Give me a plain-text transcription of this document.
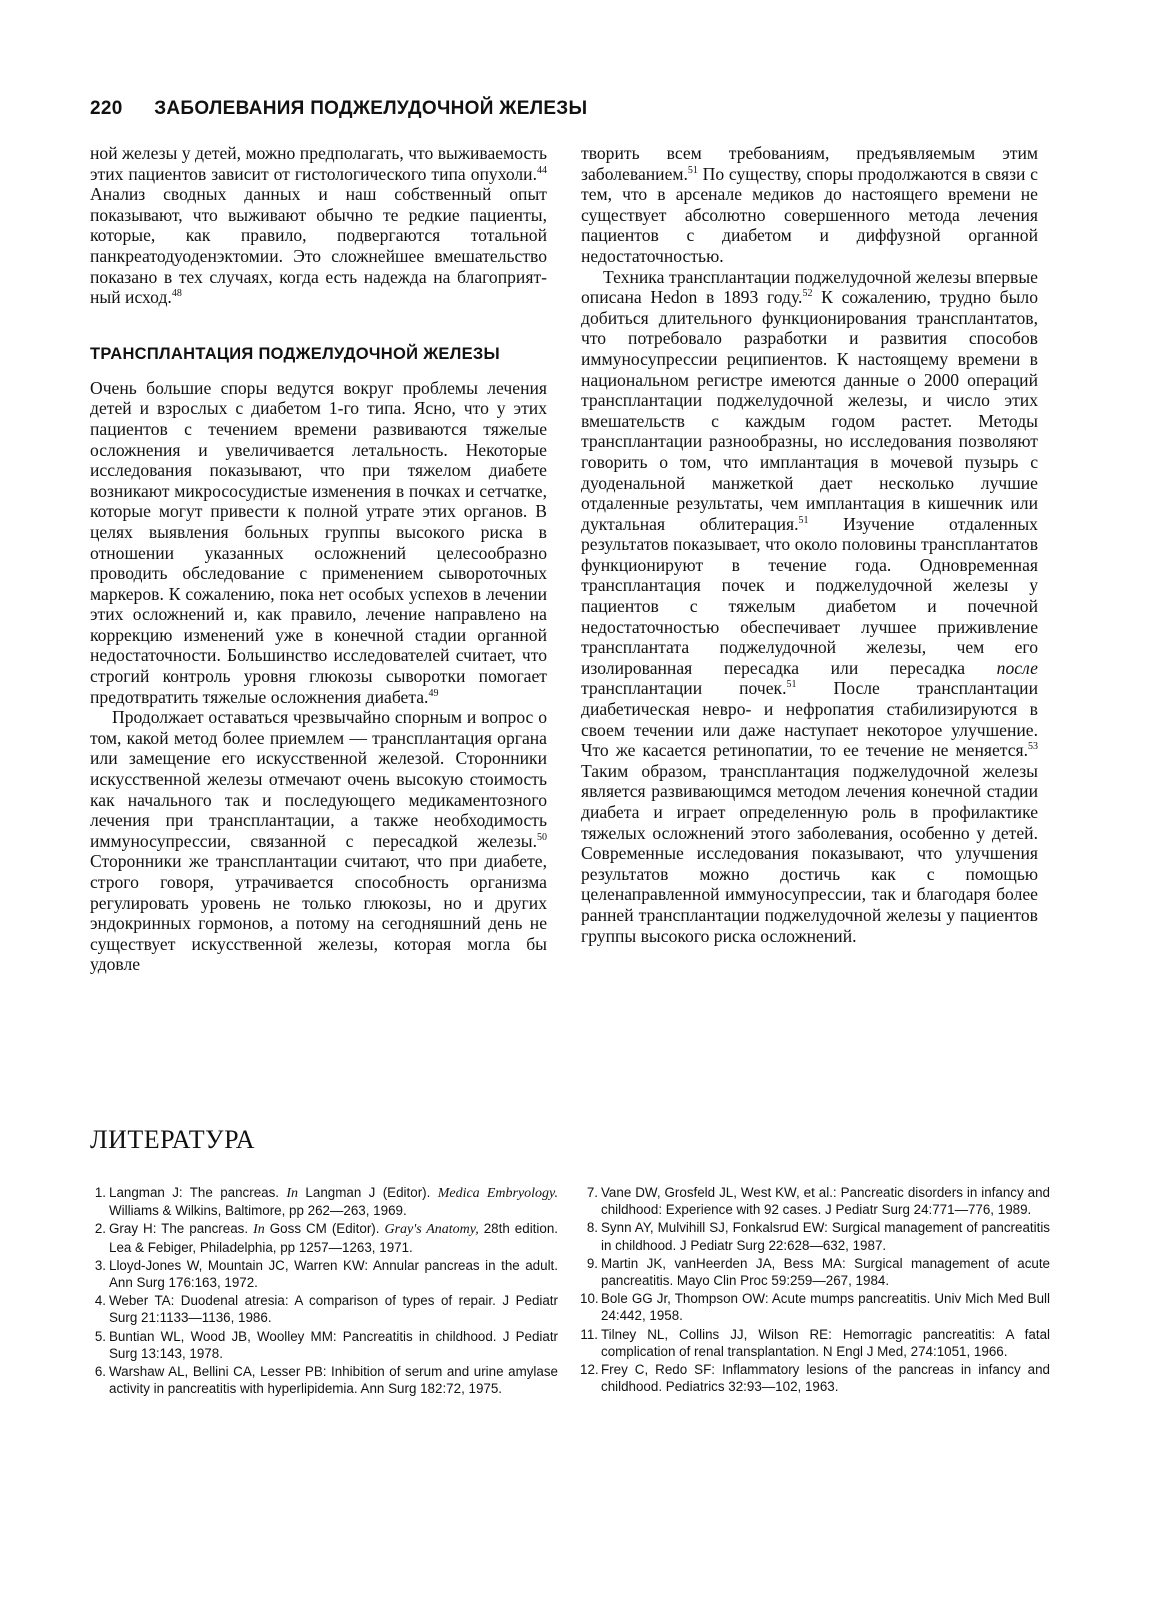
220 ЗАБОЛЕВАНИЯ ПОДЖЕЛУДОЧНОЙ ЖЕЛЕЗЫ

ной железы у детей, можно предполагать, что выживаемость этих пациентов зависит от гистологического типа опухоли.$^{44}$ Анализ сводных данных и наш собственный опыт показывают, что выживают обычно те редкие пациенты, которые, как правило, подвергаются тотальной панкреатодуоденэктомии. Это сложнейшее вмешательство показано в тех случаях, когда есть надежда на благоприятный исход.$^{48}$

ТРАНСПЛАНТАЦИЯ ПОДЖЕЛУДОЧНОЙ ЖЕЛЕЗЫ

Очень большие споры ведутся вокруг проблемы лечения детей и взрослых с диабетом 1-го типа. Ясно, что у этих пациентов с течением времени развиваются тяжелые осложнения и увеличивается летальность. Некоторые исследования показывают, что при тяжелом диабете возникают микрососудистые изменения в почках и сетчатке, которые могут привести к полной утрате этих органов. В целях выявления больных группы высокого риска в отношении указанных осложнений целесообразно проводить обследование с применением сывороточных маркеров. К сожалению, пока нет особых успехов в лечении этих осложнений и, как правило, лечение направлено на коррекцию изменений уже в конечной стадии органной недостаточности. Большинство исследователей считает, что строгий контроль уровня глюкозы сыворотки помогает предотвратить тяжелые осложнения диабета.$^{49}$

Продолжает оставаться чрезвычайно спорным и вопрос о том, какой метод более приемлем — трансплантация органа или замещение его искусственной железой. Сторонники искусственной железы отмечают очень высокую стоимость как начального так и последующего медикаментозного лечения при трансплантации, а также необходимость иммуносупрессии, связанной с пересадкой железы.$^{50}$ Сторонники же трансплантации считают, что при диабете, строго говоря, утрачивается способность организма регулировать уровень не только глюкозы, но и других эндокринных гормонов, а потому на сегодняшний день не существует искусственной железы, которая могла бы удовле

творить всем требованиям, предъявляемым этим заболеванием.$^{51}$ По существу, споры продолжаются в связи с тем, что в арсенале медиков до настоящего времени не существует абсолютно совершенного метода лечения пациентов с диабетом и диффузной органной недостаточностью.

Техника трансплантации поджелудочной железы впервые описана Hedon в 1893 году.$^{52}$ К сожалению, трудно было добиться длительного функционирования трансплантатов, что потребовало разработки и развития способов иммуносупрессии реципиентов. К настоящему времени в национальном регистре имеются данные о 2000 операций трансплантации поджелудочной железы, и число этих вмешательств с каждым годом растет. Методы трансплантации разнообразны, но исследования позволяют говорить о том, что имплантация в мочевой пузырь с дуоденальной манжеткой дает несколько лучшие отдаленные результаты, чем имплантация в кишечник или дуктальная облитерация.$^{51}$ Изучение отдаленных результатов показывает, что около половины трансплантатов функционируют в течение года. Одновременная трансплантация почек и поджелудочной железы у пациентов с тяжелым диабетом и почечной недостаточностью обеспечивает лучшее приживление трансплантата поджелудочной железы, чем его изолированная пересадка или пересадка после трансплантации почек.$^{51}$ После трансплантации диабетическая невро- и нефропатия стабилизируются в своем течении или даже наступает некоторое улучшение. Что же касается ретинопатии, то ее течение не меняется.$^{53}$ Таким образом, трансплантация поджелудочной железы является развивающимся методом лечения конечной стадии диабета и играет определенную роль в профилактике тяжелых осложнений этого заболевания, особенно у детей. Современные исследования показывают, что улучшения результатов можно достичь как с помощью целенаправленной иммуносупрессии, так и благодаря более ранней трансплантации поджелудочной железы у пациентов группы высокого риска осложнений.

ЛИТЕРАТУРА
1. Langman J: The pancreas. In Langman J (Editor). Medica Embryology. Williams & Wilkins, Baltimore, pp 262—263, 1969.
2. Gray H: The pancreas. In Goss CM (Editor). Gray's Anatomy, 28th edition. Lea & Febiger, Philadelphia, pp 1257—1263, 1971.
3. Lloyd-Jones W, Mountain JC, Warren KW: Annular pancreas in the adult. Ann Surg 176:163, 1972.
4. Weber TA: Duodenal atresia: A comparison of types of repair. J Pediatr Surg 21:1133—1136, 1986.
5. Buntian WL, Wood JB, Woolley MM: Pancreatitis in childhood. J Pediatr Surg 13:143, 1978.
6. Warshaw AL, Bellini CA, Lesser PB: Inhibition of serum and urine amylase activity in pancreatitis with hyperlipidemia. Ann Surg 182:72, 1975.
7. Vane DW, Grosfeld JL, West KW, et al.: Pancreatic disorders in infancy and childhood: Experience with 92 cases. J Pediatr Surg 24:771—776, 1989.
8. Synn AY, Mulvihill SJ, Fonkalsrud EW: Surgical management of pancreatitis in childhood. J Pediatr Surg 22:628—632, 1987.
9. Martin JK, vanHeerden JA, Bess MA: Surgical management of acute pancreatitis. Mayo Clin Proc 59:259—267, 1984.
10. Bole GG Jr, Thompson OW: Acute mumps pancreatitis. Univ Mich Med Bull 24:442, 1958.
11. Tilney NL, Collins JJ, Wilson RE: Hemorragic pancreatitis: A fatal complication of renal transplantation. N Engl J Med, 274:1051, 1966.
12. Frey C, Redo SF: Inflammatory lesions of the pancreas in infancy and childhood. Pediatrics 32:93—102, 1963.
